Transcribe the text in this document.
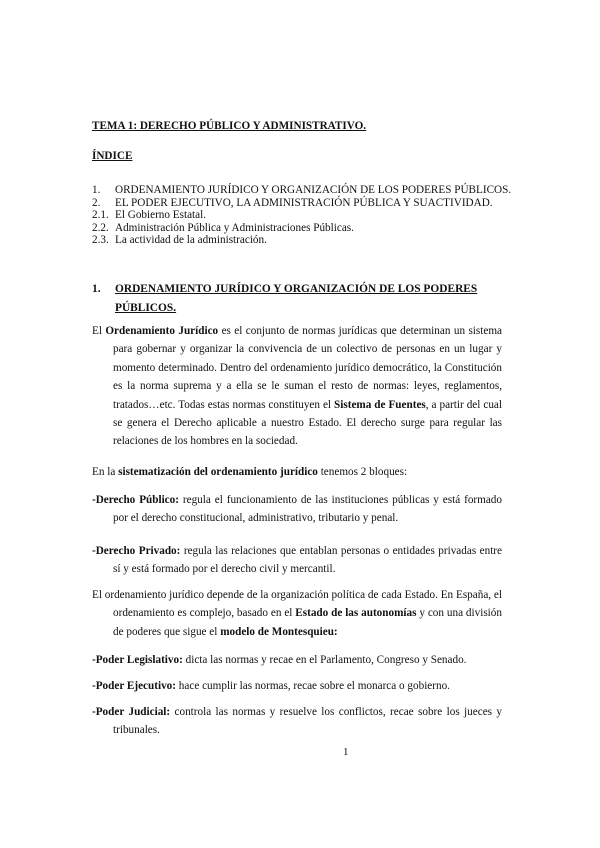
TEMA 1: DERECHO PÚBLICO Y ADMINISTRATIVO.
ÍNDICE
1.	ORDENAMIENTO JURÍDICO Y ORGANIZACIÓN DE LOS PODERES PÚBLICOS.
2.	EL PODER EJECUTIVO, LA ADMINISTRACIÓN PÚBLICA Y SUACTIVIDAD.
2.1. El Gobierno Estatal.
2.2. Administración Pública y Administraciones Públicas.
2.3. La actividad de la administración.
1. ORDENAMIENTO JURÍDICO Y ORGANIZACIÓN DE LOS PODERES PÚBLICOS.
El Ordenamiento Jurídico es el conjunto de normas jurídicas que determinan un sistema para gobernar y organizar la convivencia de un colectivo de personas en un lugar y momento determinado. Dentro del ordenamiento jurídico democrático, la Constitución es la norma suprema y a ella se le suman el resto de normas: leyes, reglamentos, tratados…etc. Todas estas normas constituyen el Sistema de Fuentes, a partir del cual se genera el Derecho aplicable a nuestro Estado. El derecho surge para regular las relaciones de los hombres en la sociedad.
En la sistematización del ordenamiento jurídico tenemos 2 bloques:
-Derecho Público: regula el funcionamiento de las instituciones públicas y está formado por el derecho constitucional, administrativo, tributario y penal.
-Derecho Privado: regula las relaciones que entablan personas o entidades privadas entre sí y está formado por el derecho civil y mercantil.
El ordenamiento jurídico depende de la organización política de cada Estado. En España, el ordenamiento es complejo, basado en el Estado de las autonomías y con una división de poderes que sigue el modelo de Montesquieu:
-Poder Legislativo: dicta las normas y recae en el Parlamento, Congreso y Senado.
-Poder Ejecutivo: hace cumplir las normas, recae sobre el monarca o gobierno.
-Poder Judicial: controla las normas y resuelve los conflictos, recae sobre los jueces y tribunales.
1
